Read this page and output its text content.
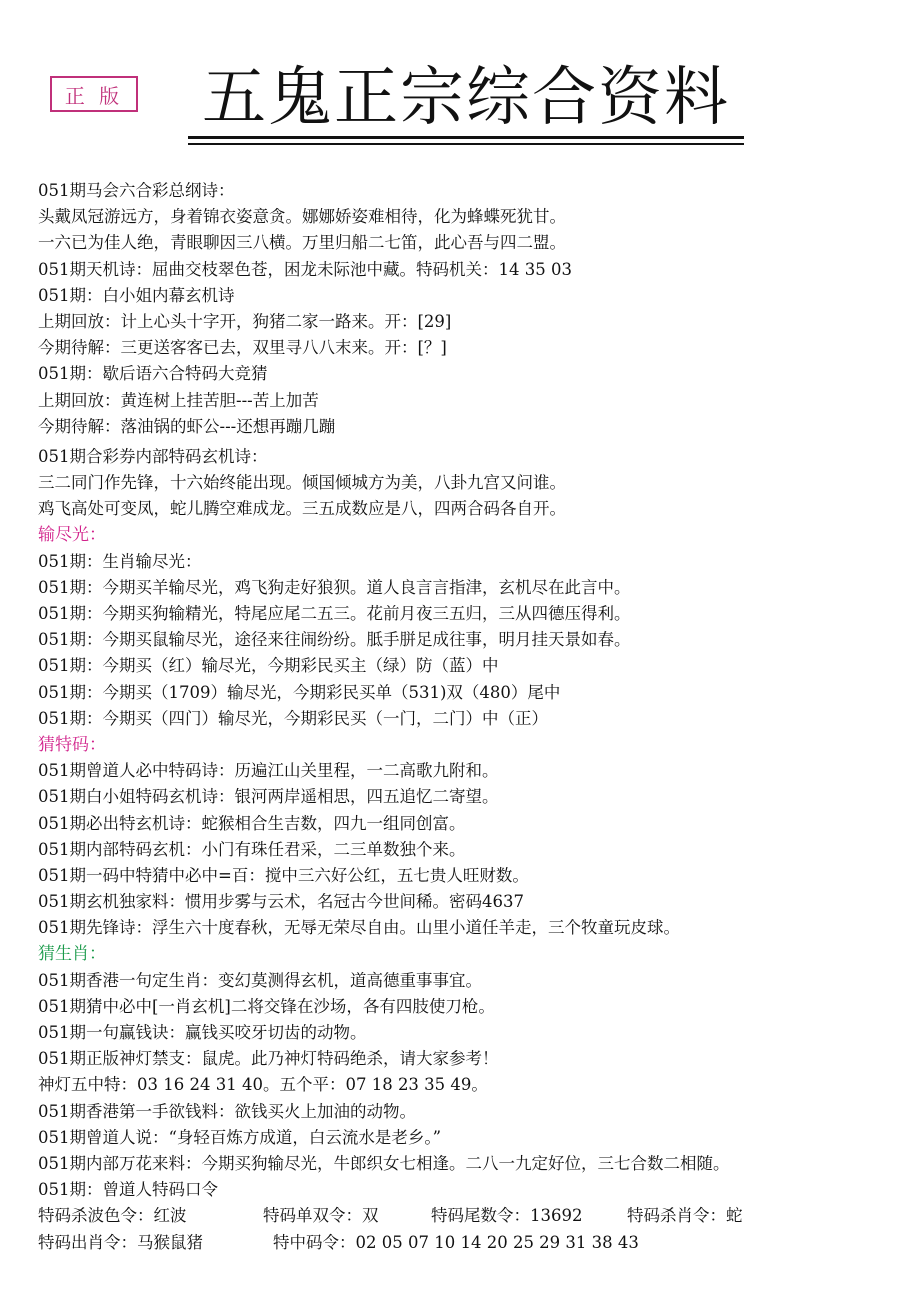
正 版 五鬼正宗综合资料
051期马会六合彩总纲诗：
头戴凤冠游远方，身着锦衣姿意贪。娜娜娇姿难相待，化为蜂蝶死犹甘。
一六已为佳人绝，青眼聊因三八横。万里归船二七笛，此心吾与四二盟。
051期天机诗：屈曲交枝翠色苍，困龙未际池中藏。特码机关：14 35 03
051期：白小姐内幕玄机诗
上期回放：计上心头十字开，狗猪二家一路来。开：[29]
今期待解：三更送客客已去，双里寻八八末来。开：[？]
051期：歇后语六合特码大竞猜
上期回放：黄连树上挂苦胆---苦上加苦
今期待解：落油锅的虾公---还想再蹦几蹦
051期合彩券内部特码玄机诗：
三二同门作先锋，十六始终能出现。倾国倾城方为美，八卦九宫又问谁。
鸡飞高处可变凤，蛇儿腾空难成龙。三五成数应是八，四两合码各自开。
输尽光：
051期：生肖输尽光：
051期：今期买羊输尽光，鸡飞狗走好狼狈。道人良言言指津，玄机尽在此言中。
051期：今期买狗输精光，特尾应尾二五三。花前月夜三五归，三从四德压得利。
051期：今期买鼠输尽光，途径来往闹纷纷。胝手胼足成往事，明月挂天景如春。
051期：今期买（红）输尽光，今期彩民买主（绿）防（蓝）中
051期：今期买（1709）输尽光，今期彩民买单（531)双（480）尾中
051期：今期买（四门）输尽光，今期彩民买（一门，二门）中（正）
猜特码：
051期曾道人必中特码诗：历遍江山关里程，一二高歌九附和。
051期白小姐特码玄机诗：银河两岸遥相思，四五追忆二寄望。
051期必出特玄机诗：蛇猴相合生吉数，四九一组同创富。
051期内部特码玄机：小门有珠任君采，二三单数独个来。
051期一码中特猜中必中=百：搅中三六好公红，五七贵人旺财数。
051期玄机独家料：惯用步雾与云术，名冠古今世间稀。密码4637
051期先锋诗：浮生六十度春秋，无辱无荣尽自由。山里小道任羊走，三个牧童玩皮球。
猜生肖：
051期香港一句定生肖：变幻莫测得玄机，道高德重事事宜。
051期猜中必中[一肖玄机]二将交锋在沙场，各有四肢使刀枪。
051期一句赢钱诀：赢钱买咬牙切齿的动物。
051期正版神灯禁支：鼠虎。此乃神灯特码绝杀，请大家参考！
神灯五中特：03 16 24 31 40。五个平：07 18 23 35 49。
051期香港第一手欲钱料：欲钱买火上加油的动物。
051期曾道人说：“身轻百炼方成道，白云流水是老乡。”
051期内部万花来料：今期买狗输尽光，牛郎织女七相逢。二八一九定好位，三七合数二相随。
051期：曾道人特码口令
特码杀波色令：红波	特码单双令：双	特码尾数令：13692	特码杀肖令：蛇
特码出肖令：马猴鼠猪	特中码令：02 05 07 10 14 20 25 29 31 38 43
